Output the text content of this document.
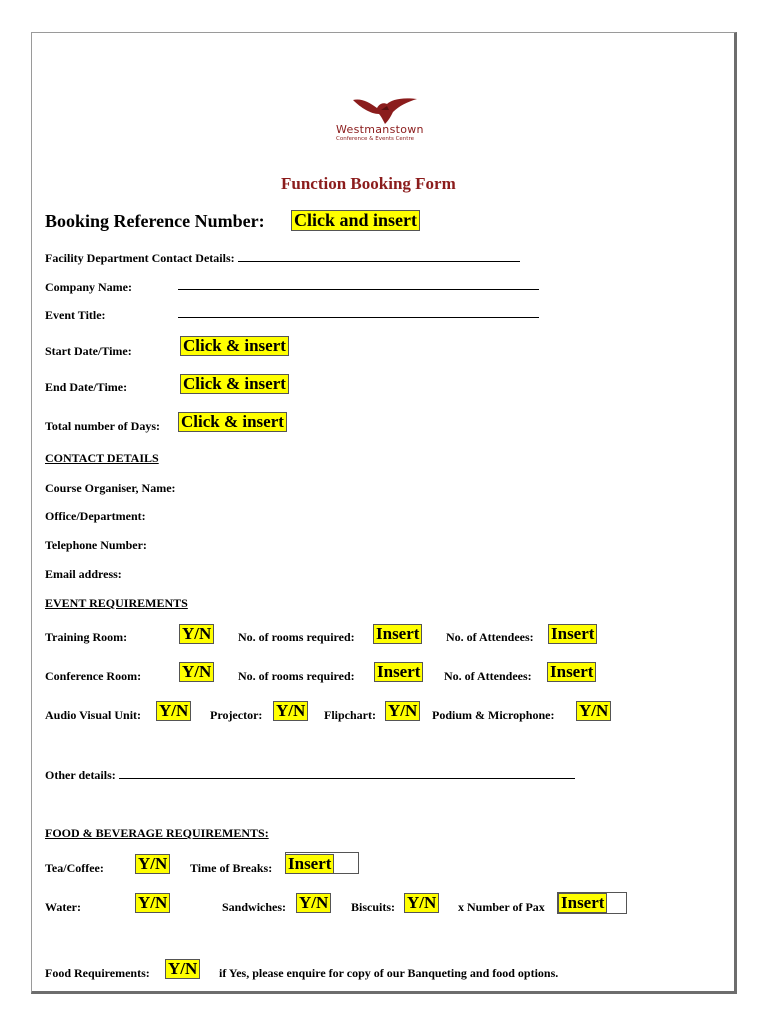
Westmanstown
Conference & Events Centre
Function Booking Form
Booking Reference Number: Click and insert
Facility Department Contact Details:
Company Name:
Event Title:
Start Date/Time:	Click & insert
End Date/Time:	Click & insert
Total number of Days: Click & insert
CONTACT DETAILS
Course Organiser, Name:
Office/Department:
Telephone Number:
Email address:
EVENT REQUIREMENTS
Training Room:	Y/N No. of rooms required: Insert No. of Attendees: Insert
Conference Room: Y/N No. of rooms required: Insert No. of Attendees: Insert
Audio Visual Unit: Y/N Projector: Y/N Flipchart: Y/N Podium & Microphone: Y/N
Other details:
FOOD & BEVERAGE REQUIREMENTS:
Tea/Coffee: Y/N Time of Breaks: Insert
Water:	Y/N	Sandwiches: Y/N Biscuits: Y/N x Number of Pax Insert
Food Requirements: Y/N if Yes, please enquire for copy of our Banqueting and food options.
